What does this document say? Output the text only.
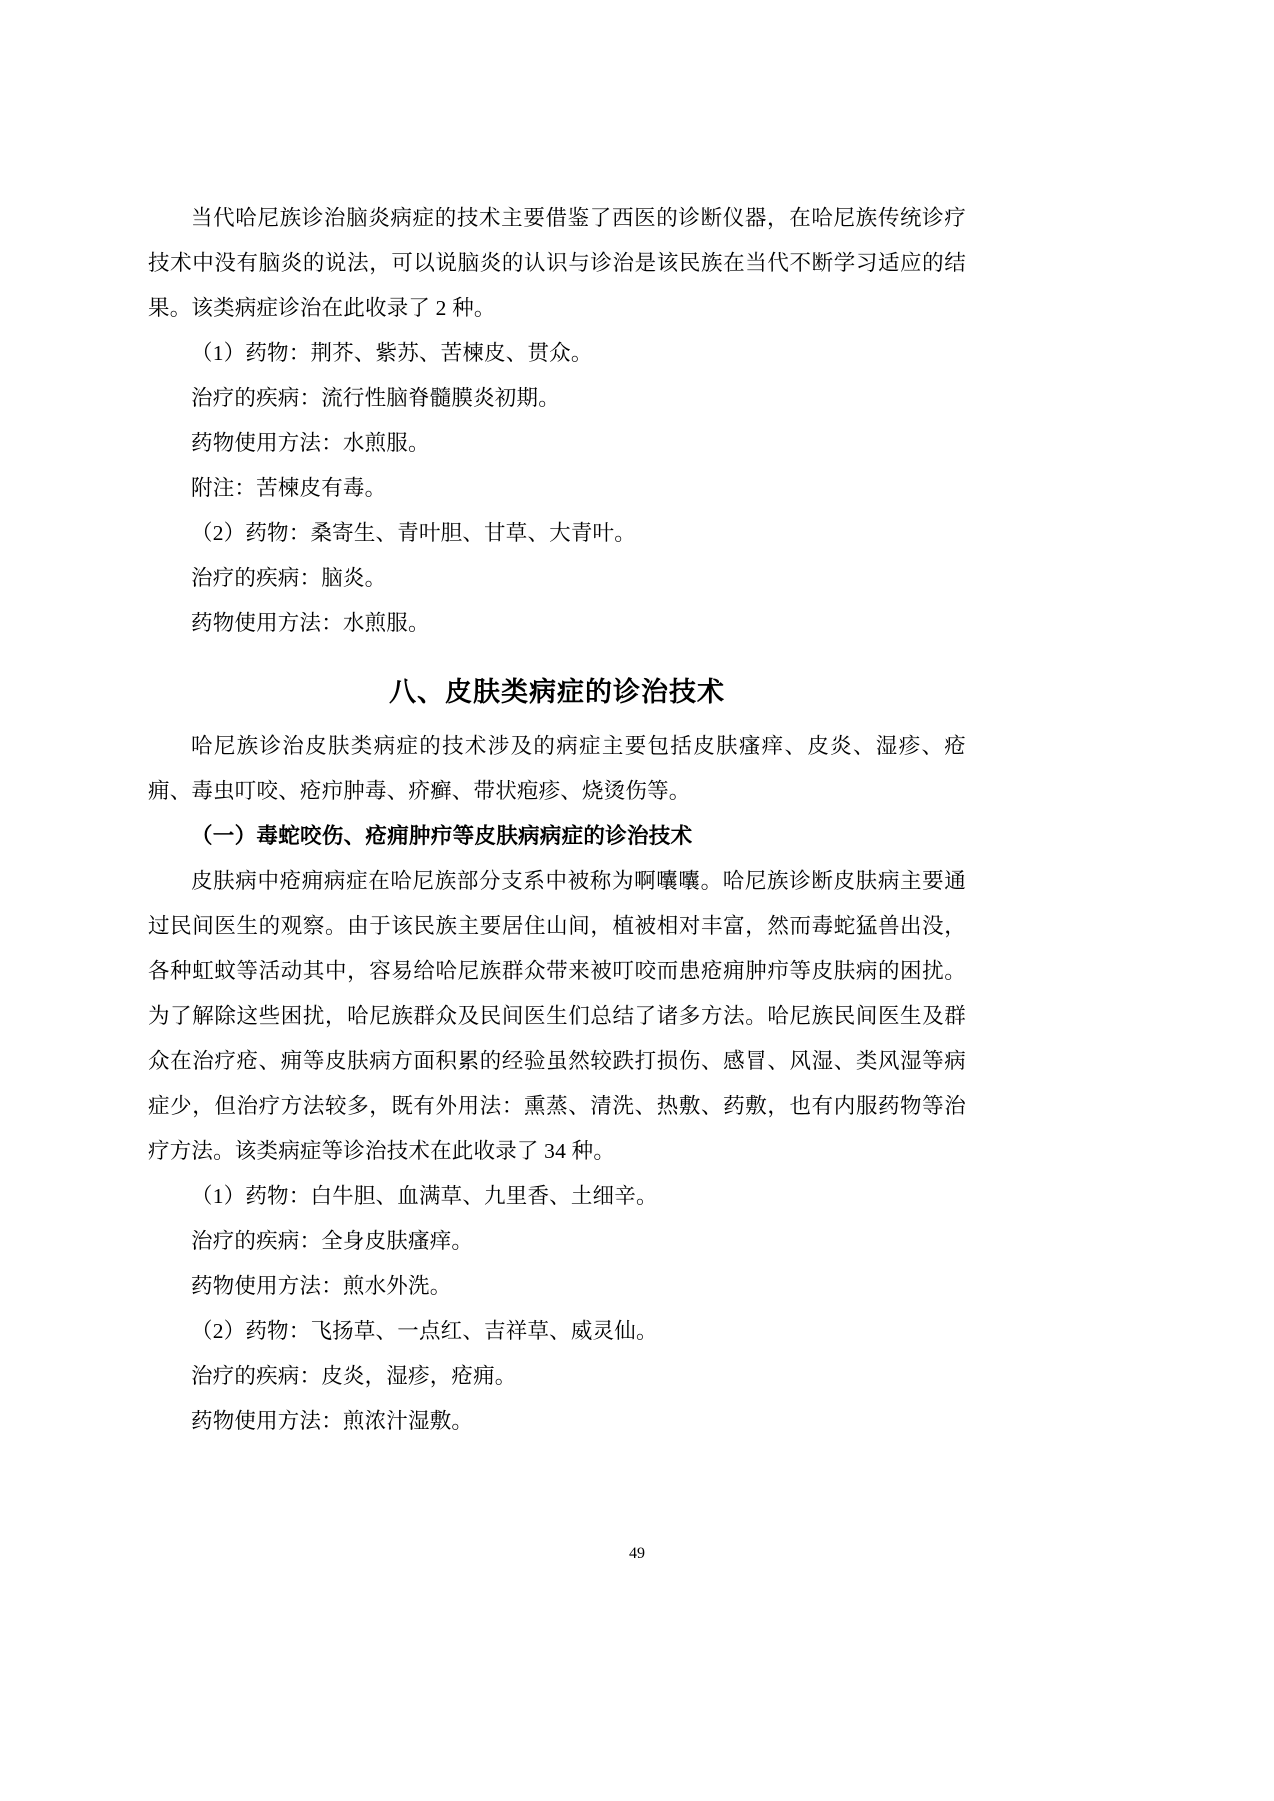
当代哈尼族诊治脑炎病症的技术主要借鉴了西医的诊断仪器，在哈尼族传统诊疗技术中没有脑炎的说法，可以说脑炎的认识与诊治是该民族在当代不断学习适应的结果。该类病症诊治在此收录了 2 种。

（1）药物：荆芥、紫苏、苦楝皮、贯众。

治疗的疾病：流行性脑脊髓膜炎初期。

药物使用方法：水煎服。

附注：苦楝皮有毒。

（2）药物：桑寄生、青叶胆、甘草、大青叶。

治疗的疾病：脑炎。

药物使用方法：水煎服。

八、皮肤类病症的诊治技术

哈尼族诊治皮肤类病症的技术涉及的病症主要包括皮肤瘙痒、皮炎、湿疹、疮痈、毒虫叮咬、疮疖肿毒、疥癣、带状疱疹、烧烫伤等。

（一）毒蛇咬伤、疮痈肿疖等皮肤病病症的诊治技术

皮肤病中疮痈病症在哈尼族部分支系中被称为啊囔囔。哈尼族诊断皮肤病主要通过民间医生的观察。由于该民族主要居住山间，植被相对丰富，然而毒蛇猛兽出没，各种虹蚊等活动其中，容易给哈尼族群众带来被叮咬而患疮痈肿疖等皮肤病的困扰。为了解除这些困扰，哈尼族群众及民间医生们总结了诸多方法。哈尼族民间医生及群众在治疗疮、痈等皮肤病方面积累的经验虽然较跌打损伤、感冒、风湿、类风湿等病症少，但治疗方法较多，既有外用法：熏蒸、清洗、热敷、药敷，也有内服药物等治疗方法。该类病症等诊治技术在此收录了 34 种。

（1）药物：白牛胆、血满草、九里香、土细辛。

治疗的疾病：全身皮肤瘙痒。

药物使用方法：煎水外洗。

（2）药物：飞扬草、一点红、吉祥草、威灵仙。

治疗的疾病：皮炎，湿疹，疮痈。

药物使用方法：煎浓汁湿敷。

49
